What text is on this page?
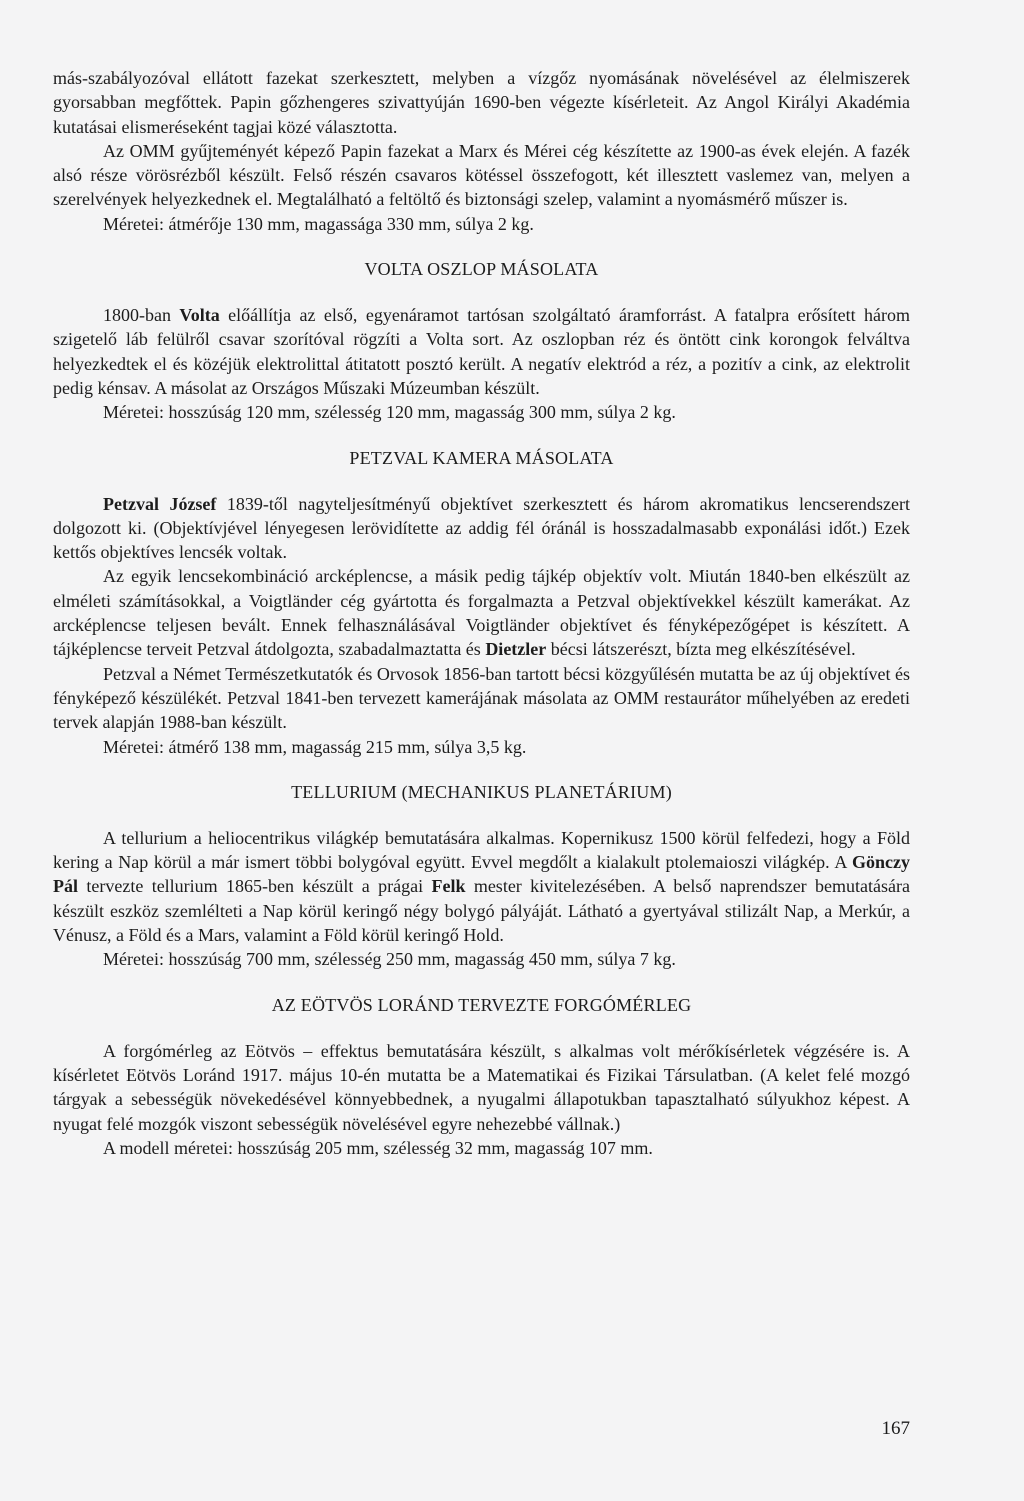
más-szabályozóval ellátott fazekat szerkesztett, melyben a vízgőz nyomásának növelésével az élelmiszerek gyorsabban megfőttek. Papin gőzhengeres szivattyúján 1690-ben végezte kísérleteit. Az Angol Királyi Akadémia kutatásai elismeréseként tagjai közé választotta.

Az OMM gyűjteményét képező Papin fazekat a Marx és Mérei cég készítette az 1900-as évek elején. A fazék alsó része vörösrézből készült. Felső részén csavaros kötéssel összefogott, két illesztett vaslemez van, melyen a szerelvények helyezkednek el. Megtalálható a feltöltő és biztonsági szelep, valamint a nyomásmérő műszer is.

Méretei: átmérője 130 mm, magassága 330 mm, súlya 2 kg.

VOLTA OSZLOP MÁSOLATA

1800-ban Volta előállítja az első, egyenáramot tartósan szolgáltató áramforrást. A fatalpra erősített három szigetelő láb felülről csavar szorítóval rögzíti a Volta sort. Az oszlopban réz és öntött cink korongok felváltva helyezkedtek el és közéjük elektrolittal átitatott posztó került. A negatív elektród a réz, a pozitív a cink, az elektrolit pedig kénsav. A másolat az Országos Műszaki Múzeumban készült.

Méretei: hosszúság 120 mm, szélesség 120 mm, magasság 300 mm, súlya 2 kg.

PETZVAL KAMERA MÁSOLATA

Petzval József 1839-től nagyteljesítményű objektívet szerkesztett és három akromatikus lencserendszert dolgozott ki. (Objektívjével lényegesen lerövidítette az addig fél óránál is hosszadalmasabb exponálási időt.) Ezek kettős objektíves lencsék voltak.

Az egyik lencsekombináció arcképlencse, a másik pedig tájkép objektív volt. Miután 1840-ben elkészült az elméleti számításokkal, a Voigtländer cég gyártotta és forgalmazta a Petzval objektívekkel készült kamerákat. Az arcképlencse teljesen bevált. Ennek felhasználásával Voigtländer objektívet és fényképezőgépet is készített. A tájképlencse terveit Petzval átdolgozta, szabadalmaztatta és Dietzler bécsi látszerészt, bízta meg elkészítésével.

Petzval a Német Természetkutatók és Orvosok 1856-ban tartott bécsi közgyűlésén mutatta be az új objektívet és fényképező készülékét. Petzval 1841-ben tervezett kamerájának másolata az OMM restaurátor műhelyében az eredeti tervek alapján 1988-ban készült.

Méretei: átmérő 138 mm, magasság 215 mm, súlya 3,5 kg.

TELLURIUM (MECHANIKUS PLANETÁRIUM)

A tellurium a heliocentrikus világkép bemutatására alkalmas. Kopernikusz 1500 körül felfedezi, hogy a Föld kering a Nap körül a már ismert többi bolygóval együtt. Evvel megdőlt a kialakult ptolemaioszi világkép. A Gönczy Pál tervezte tellurium 1865-ben készült a prágai Felk mester kivitelezésében. A belső naprendszer bemutatására készült eszköz szemlélteti a Nap körül keringő négy bolygó pályáját. Látható a gyertyával stilizált Nap, a Merkúr, a Vénusz, a Föld és a Mars, valamint a Föld körül keringő Hold.

Méretei: hosszúság 700 mm, szélesség 250 mm, magasság 450 mm, súlya 7 kg.

AZ EÖTVÖS LORÁND TERVEZTE FORGÓMÉRLEG

A forgómérleg az Eötvös – effektus bemutatására készült, s alkalmas volt mérőkísérletek végzésére is. A kísérletet Eötvös Loránd 1917. május 10-én mutatta be a Matematikai és Fizikai Társulatban. (A kelet felé mozgó tárgyak a sebességük növekedésével könnyebbednek, a nyugalmi állapotukban tapasztalható súlyukhoz képest. A nyugat felé mozgók viszont sebességük növelésével egyre nehezebbé vállnak.)

A modell méretei: hosszúság 205 mm, szélesség 32 mm, magasság 107 mm.

167
